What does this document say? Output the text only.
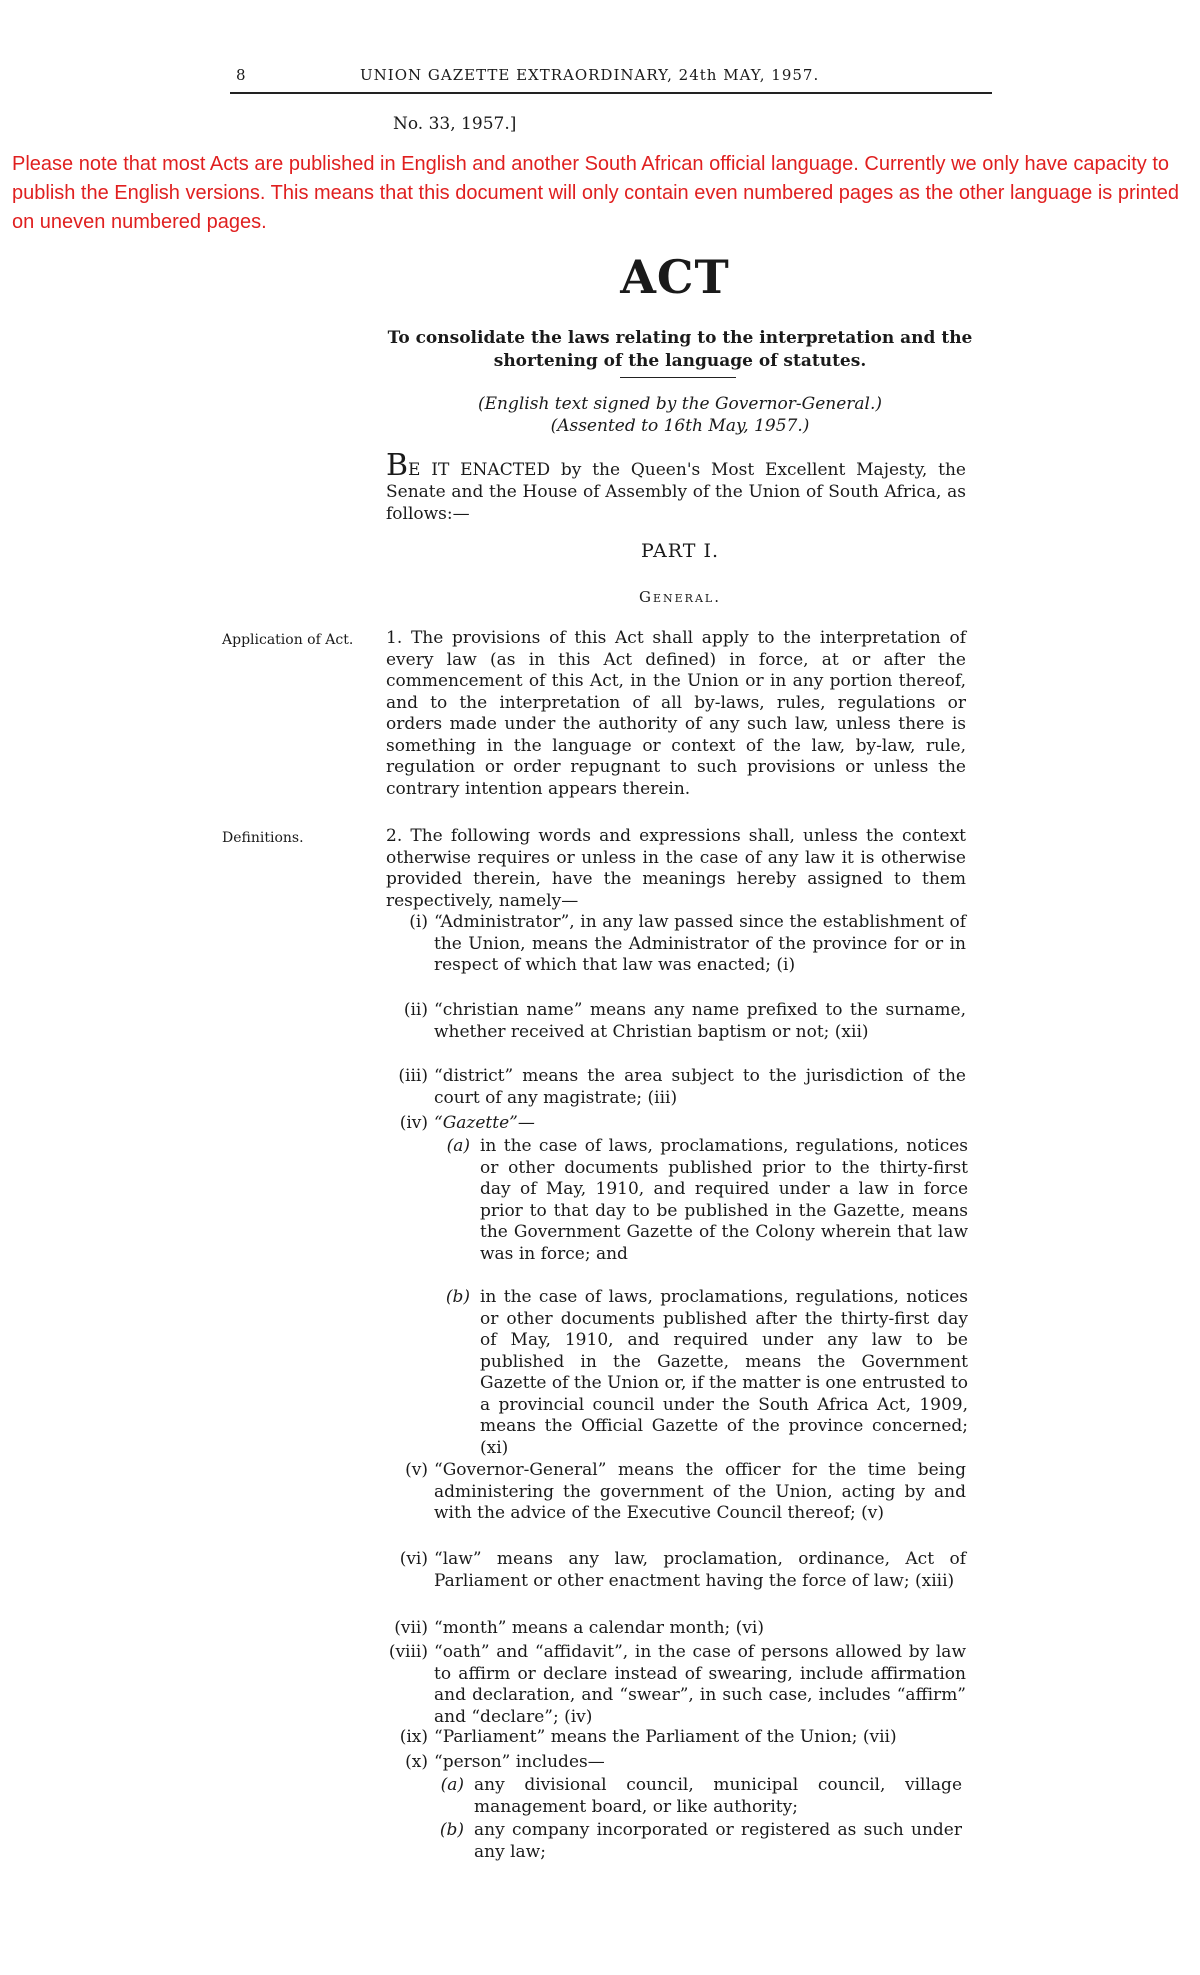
8	UNION GAZETTE EXTRAORDINARY, 24th MAY, 1957.
No. 33, 1957.]
Please note that most Acts are published in English and another South African official language. Currently we only have capacity to publish the English versions. This means that this document will only contain even numbered pages as the other language is printed on uneven numbered pages.
ACT
To consolidate the laws relating to the interpretation and the shortening of the language of statutes.
(English text signed by the Governor-General.)
(Assented to 16th May, 1957.)
BE IT ENACTED by the Queen's Most Excellent Majesty, the Senate and the House of Assembly of the Union of South Africa, as follows:—
PART I.
General.
Application of Act.	1. The provisions of this Act shall apply to the interpretation of every law (as in this Act defined) in force, at or after the commencement of this Act, in the Union or in any portion thereof, and to the interpretation of all by-laws, rules, regulations or orders made under the authority of any such law, unless there is something in the language or context of the law, by-law, rule, regulation or order repugnant to such provisions or unless the contrary intention appears therein.
Definitions.	2. The following words and expressions shall, unless the context otherwise requires or unless in the case of any law it is otherwise provided therein, have the meanings hereby assigned to them respectively, namely—
(i) “Administrator”, in any law passed since the establishment of the Union, means the Administrator of the province for or in respect of which that law was enacted; (i)
(ii) “christian name” means any name prefixed to the surname, whether received at Christian baptism or not; (xii)
(iii) “district” means the area subject to the jurisdiction of the court of any magistrate; (iii)
(iv) “Gazette”—
(a) in the case of laws, proclamations, regulations, notices or other documents published prior to the thirty-first day of May, 1910, and required under a law in force prior to that day to be published in the Gazette, means the Government Gazette of the Colony wherein that law was in force; and
(b) in the case of laws, proclamations, regulations, notices or other documents published after the thirty-first day of May, 1910, and required under any law to be published in the Gazette, means the Government Gazette of the Union or, if the matter is one entrusted to a provincial council under the South Africa Act, 1909, means the Official Gazette of the province concerned; (xi)
(v) “Governor-General” means the officer for the time being administering the government of the Union, acting by and with the advice of the Executive Council thereof; (v)
(vi) “law” means any law, proclamation, ordinance, Act of Parliament or other enactment having the force of law; (xiii)
(vii) “month” means a calendar month; (vi)
(viii) “oath” and “affidavit”, in the case of persons allowed by law to affirm or declare instead of swearing, include affirmation and declaration, and “swear”, in such case, includes “affirm” and “declare”; (iv)
(ix) “Parliament” means the Parliament of the Union; (vii)
(x) “person” includes—
(a) any divisional council, municipal council, village management board, or like authority;
(b) any company incorporated or registered as such under any law;
